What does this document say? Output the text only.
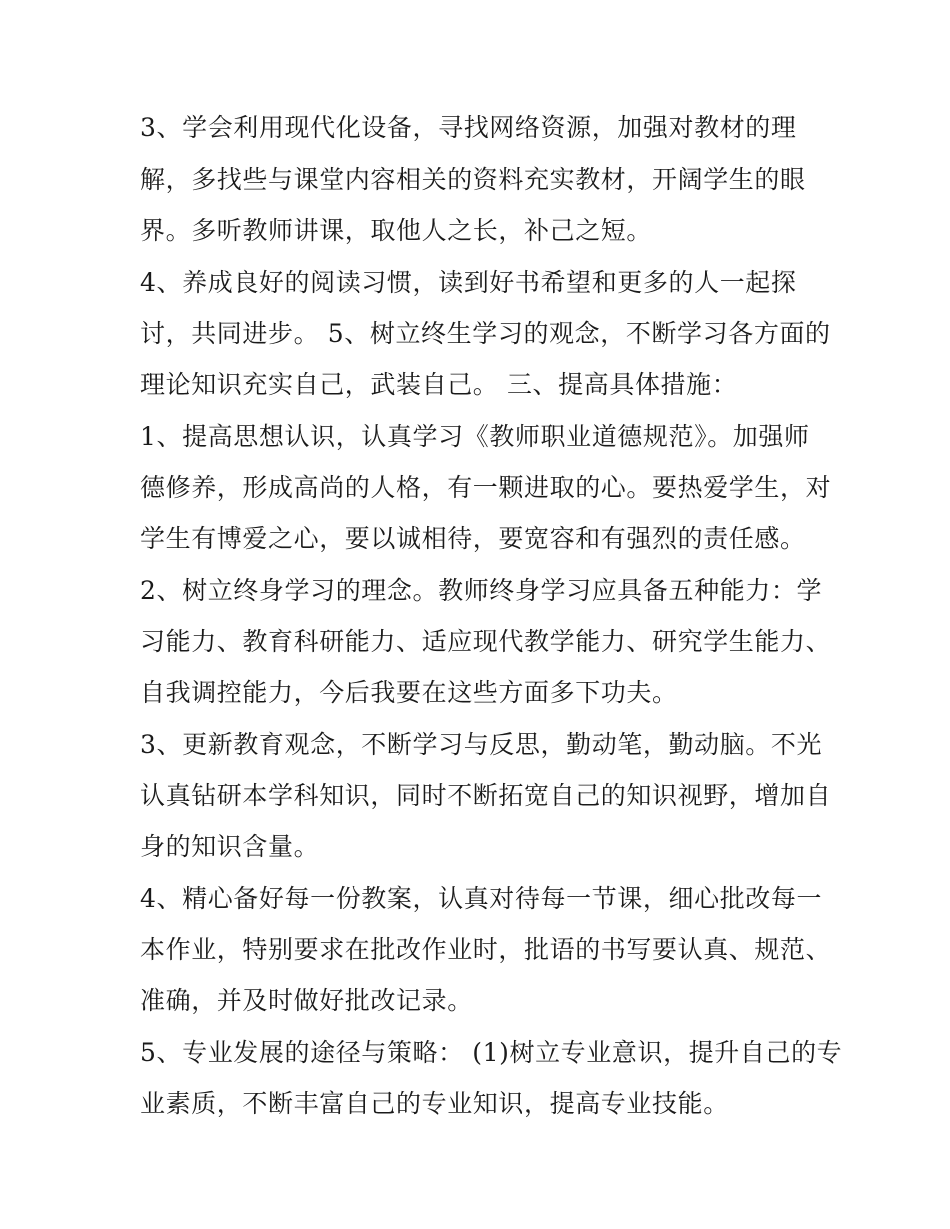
3、学会利用现代化设备，寻找网络资源，加强对教材的理

解，多找些与课堂内容相关的资料充实教材，开阔学生的眼

界。多听教师讲课，取他人之长，补己之短。

4、养成良好的阅读习惯，读到好书希望和更多的人一起探

讨，共同进步。 5、树立终生学习的观念，不断学习各方面的

理论知识充实自己，武装自己。 三、提高具体措施：

1、提高思想认识，认真学习《教师职业道德规范》。加强师

德修养，形成高尚的人格，有一颗进取的心。要热爱学生，对

学生有博爱之心，要以诚相待，要宽容和有强烈的责任感。

2、树立终身学习的理念。教师终身学习应具备五种能力：学

习能力、教育科研能力、适应现代教学能力、研究学生能力、

自我调控能力，今后我要在这些方面多下功夫。

3、更新教育观念，不断学习与反思，勤动笔，勤动脑。不光

认真钻研本学科知识，同时不断拓宽自己的知识视野，增加自

身的知识含量。

4、精心备好每一份教案，认真对待每一节课，细心批改每一

本作业，特别要求在批改作业时，批语的书写要认真、规范、

准确，并及时做好批改记录。

5、专业发展的途径与策略： (1)树立专业意识，提升自己的专

业素质，不断丰富自己的专业知识，提高专业技能。
